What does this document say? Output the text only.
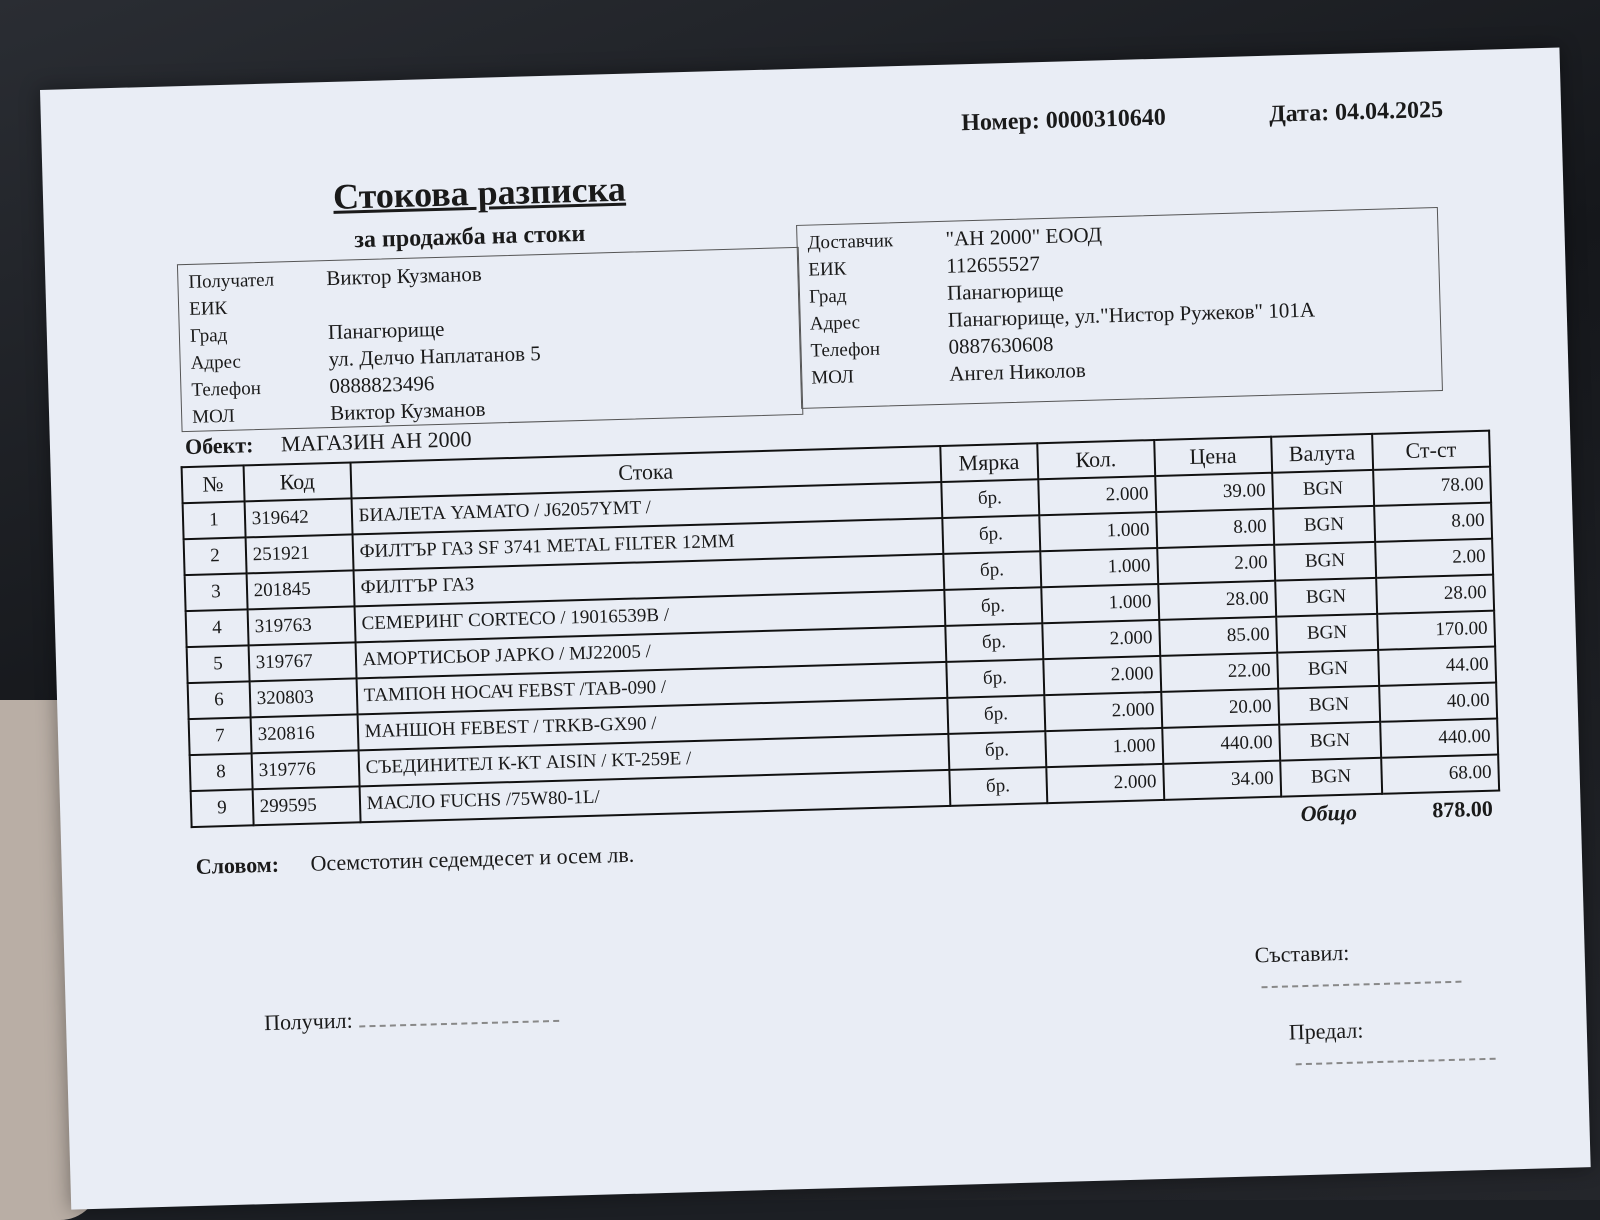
Номер: 0000310640	Дата: 04.04.2025
Стокова разписка
за продажба на стоки
Получател	Виктор Кузманов
ЕИК
Град	Панагюрище
Адрес	ул. Делчо Наплатанов 5
Телефон	0888823496
МОЛ	Виктор Кузманов
Доставчик	"АН 2000" ЕООД
ЕИК	112655527
Град	Панагюрище
Адрес	Панагюрище, ул."Нистор Ружеков" 101А
Телефон	0887630608
МОЛ	Ангел Николов
Обект: МАГАЗИН АН 2000
№	Код	Стока	Мярка	Кол.	Цена	Валута	Ст-ст
1	319642	БИАЛЕТА YAMATO / J62057YMT /	бр.	2.000	39.00	BGN	78.00
2	251921	ФИЛТЪР ГАЗ SF 3741 METAL FILTER 12MM	бр.	1.000	8.00	BGN	8.00
3	201845	ФИЛТЪР ГАЗ	бр.	1.000	2.00	BGN	2.00
4	319763	СЕМЕРИНГ CORTECO / 19016539B /	бр.	1.000	28.00	BGN	28.00
5	319767	АМОРТИСЬОР JAPKO / MJ22005 /	бр.	2.000	85.00	BGN	170.00
6	320803	ТАМПОН НОСАЧ FEBST /TAB-090 /	бр.	2.000	22.00	BGN	44.00
7	320816	МАНШОН FEBEST / TRKB-GX90 /	бр.	2.000	20.00	BGN	40.00
8	319776	СЪЕДИНИТЕЛ К-КТ AISIN / KT-259E /	бр.	1.000	440.00	BGN	440.00
9	299595	МАСЛО FUCHS /75W80-1L/	бр.	2.000	34.00	BGN	68.00
Общо	878.00
Словом: Осемстотин седемдесет и осем лв.
Съставил:
Получил:	Предал:
